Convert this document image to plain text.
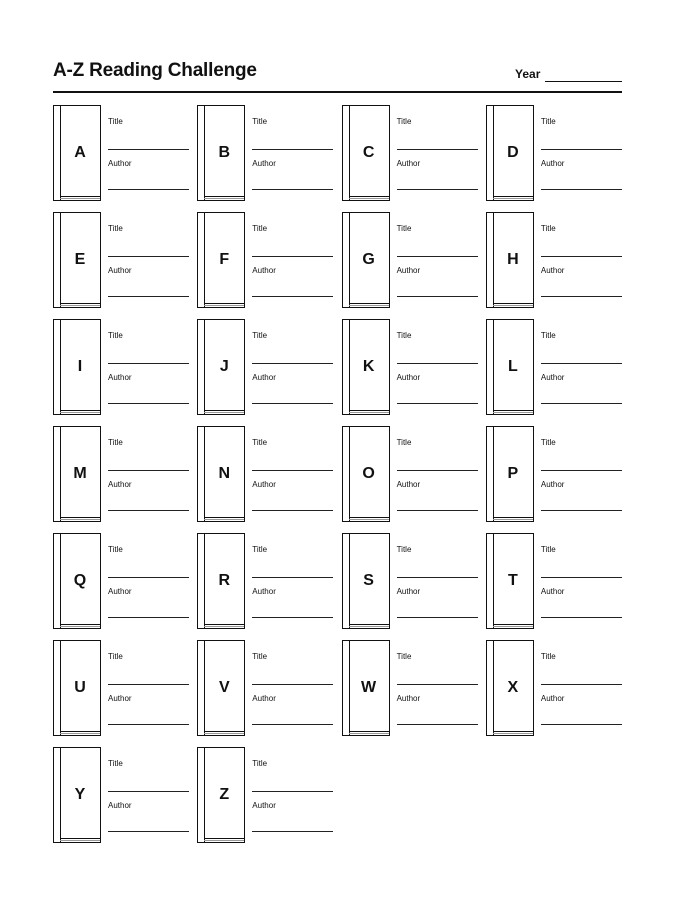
A-Z Reading Challenge	Year
A
Title
Author
B
Title
Author
C
Title
Author
D
Title
Author
E
Title
Author
F
Title
Author
G
Title
Author
H
Title
Author
I
Title
Author
J
Title
Author
K
Title
Author
L
Title
Author
M
Title
Author
N
Title
Author
O
Title
Author
P
Title
Author
Q
Title
Author
R
Title
Author
S
Title
Author
T
Title
Author
U
Title
Author
V
Title
Author
W
Title
Author
X
Title
Author
Y
Title
Author
Z
Title
Author
